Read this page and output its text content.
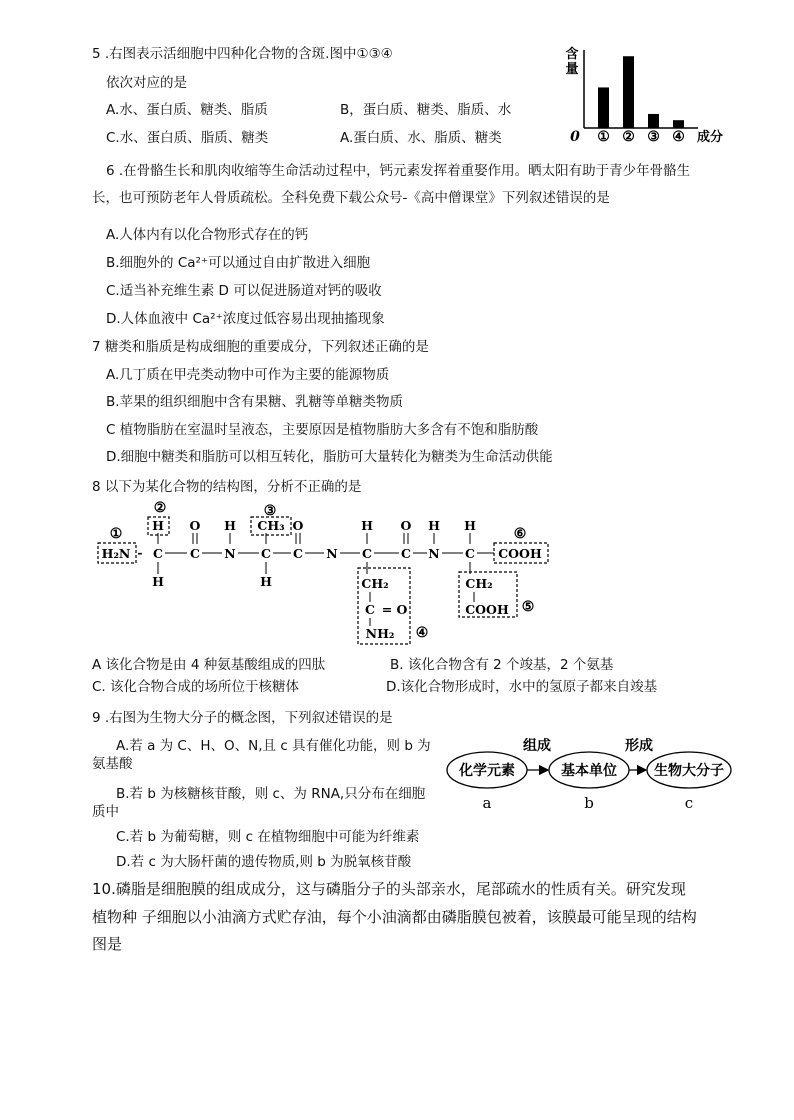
5 .右图表示活细胞中四种化合物的含斑.图中①③④
依次对应的是
A.水、蛋白质、糖类、脂质	B，蛋白质、糖类、脂质、水
C.水、蛋白质、脂质、糖类	A.蛋白质、水、脂质、糖类
含
量
0 ① ② ③ ④ 成分
6 .在骨骼生长和肌肉收缩等生命活动过程中，钙元素发挥着重娶作用。晒太阳有助于青少年骨骼生
长，也可预防老年人骨质疏松。全科免费下载公众号-《高中僧课堂》下列叙述错误的是
A.人体内有以化合物形式存在的钙
B.细胞外的 Ca²⁺可以通过自由扩散进入细胞
C.适当补充维生素 D 可以促进肠道对钙的吸收
D.人体血液中 Ca²⁺浓度过低容易出现抽搐现象
7 糖类和脂质是构成细胞的重要成分，下列叙述正确的是
A.几丁质在甲壳类动物中可作为主要的能源物质
B.苹果的组织细胞中含有果糖、乳糖等单糖类物质
C 植物脂肪在室温时呈液态，主要原因是植物脂肪大多含有不饱和脂肪酸
D.细胞中糖类和脂肪可以相互转化，脂肪可大量转化为糖类为生命活动供能
8 以下为某化合物的结构图，分析不正确的是
①
②	③
⑥
⑤
④
H O H CH₃ O	H O H H
H₂N - C C N C C N C C N C COOH
H	H	CH₂
C = O
NH₂
CH₂
COOH
A 该化合物是由 4 种氨基酸组成的四肽	B. 该化合物含有 2 个竣基，2 个氨基
C. 该化合物合成的场所位于核糖体	D.该化合物形成时，水中的氢原子都来自竣基
9 .右图为生物大分子的概念图，下列叙述错误的是
A.若 a 为 C、H、O、N,且 c 具有催化功能，则 b 为
氨基酸
B.若 b 为核糖核苷酸，则 c、为 RNA,只分布在细胞
质中
C.若 b 为葡萄糖，则 c 在植物细胞中可能为纤维素
D.若 c 为大肠杆菌的遗传物质,则 b 为脱氧核苷酸
化学元素	基本单位	生物大分子
组成	形成
a	b	c
10.磷脂是细胞膜的组成成分，这与磷脂分子的头部亲水，尾部疏水的性质有关。研究发现
植物种 子细胞以小油滴方式贮存油，每个小油滴都由磷脂膜包被着，该膜最可能呈现的结构
图是
